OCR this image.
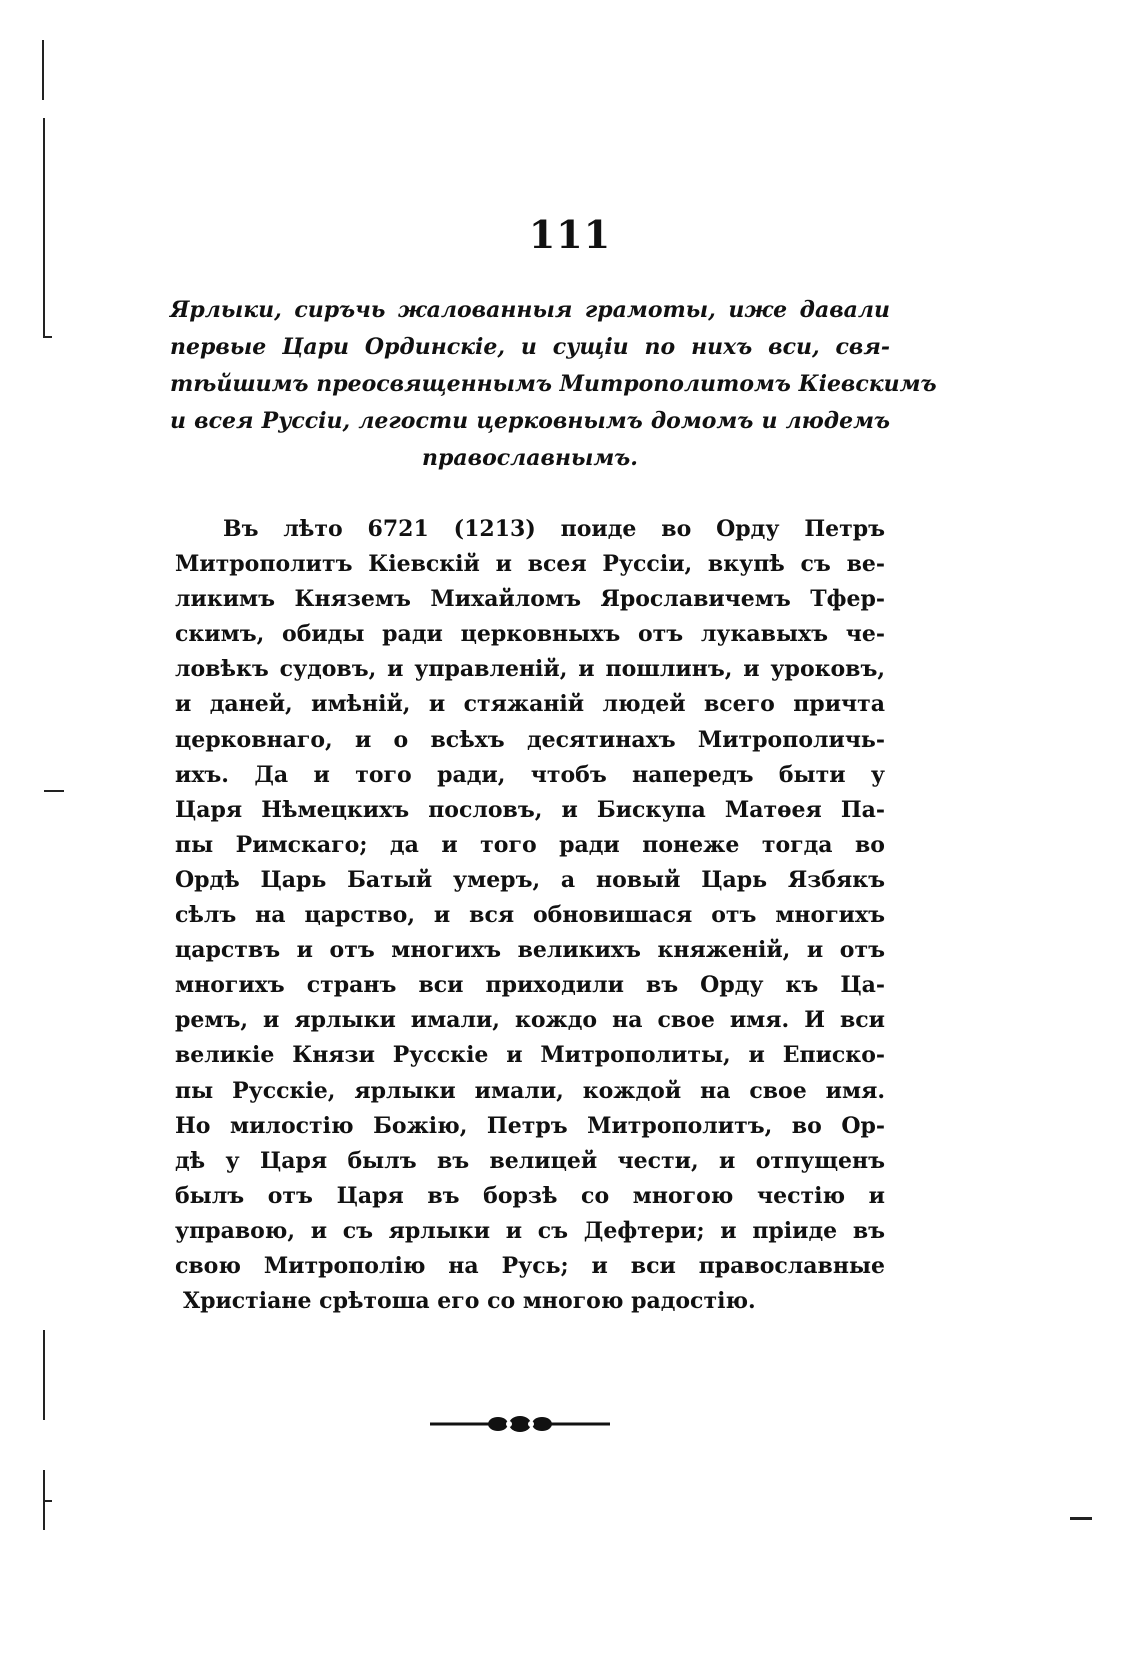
111
Ярлыки, сиръчь жалованныя грамоты, иже давали
первые Цари Ординскіе, и сущіи по нихъ вси, свя-
тѣйшимъ преосвященнымъ Митрополитомъ Кіевскимъ
и всея Руссіи, легости церковнымъ домомъ и людемъ
православнымъ.
Въ лѣто 6721 (1213) поиде во Орду Петръ
Митрополитъ Кіевскій и всея Руссіи, вкупѣ съ ве-
ликимъ Княземъ Михайломъ Ярославичемъ Тфер-
скимъ, обиды ради церковныхъ отъ лукавыхъ че-
ловѣкъ судовъ, и управленій, и пошлинъ, и уроковъ,
и даней, имѣній, и стяжаній людей всего причта
церковнаго, и о всѣхъ десятинахъ Митрополичь-
ихъ. Да и того ради, чтобъ напередъ быти у
Царя Нѣмецкихъ пословъ, и Бискупа Матѳея Па-
пы Римскаго; да и того ради понеже тогда во
Ордѣ Царь Батый умеръ, а новый Царь Язбякъ
сѣлъ на царство, и вся обновишася отъ многихъ
царствъ и отъ многихъ великихъ княженій, и отъ
многихъ странъ вси приходили въ Орду къ Ца-
ремъ, и ярлыки имали, кождо на свое имя. И вси
великіе Князи Русскіе и Митрополиты, и Еписко-
пы Русскіе, ярлыки имали, кождой на свое имя.
Но милостію Божію, Петръ Митрополитъ, во Ор-
дѣ у Царя былъ въ велицей чести, и отпущенъ
былъ отъ Царя въ борзѣ со многою честію и
управою, и съ ярлыки и съ Дефтери; и пріиде въ
свою Митрополію на Русь; и вси православные
Христіане срѣтоша его со многою радостію.
